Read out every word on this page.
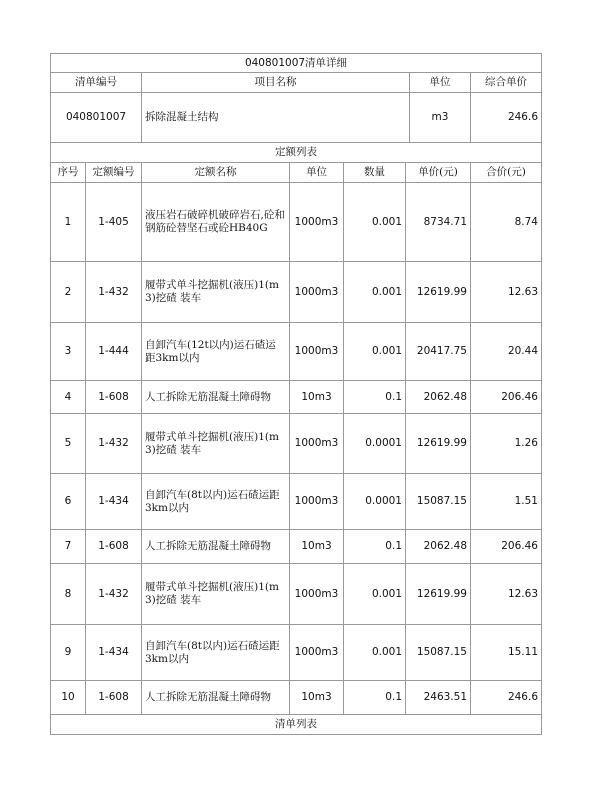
040801007清单详细			
清单编号	项目名称	单位	综合单价
040801007	拆除混凝土结构	m3	246.6
定额列表			
序号	定额编号	定额名称	单位	数量	单价(元)	合价(元)
1	1-405	液压岩石破碎机破碎岩石,砼和钢筋砼替坚石或砼HB40G	1000m3	0.001	8734.71	8.74
2	1-432	履带式单斗挖掘机(液压)1(m3)挖碴 装车	1000m3	0.001	12619.99	12.63
3	1-444	自卸汽车(12t以内)运石碴运距3km以内	1000m3	0.001	20417.75	20.44
4	1-608	人工拆除无筋混凝土障碍物	10m3	0.1	2062.48	206.46
5	1-432	履带式单斗挖掘机(液压)1(m3)挖碴 装车	1000m3	0.0001	12619.99	1.26
6	1-434	自卸汽车(8t以内)运石碴运距3km以内	1000m3	0.0001	15087.15	1.51
7	1-608	人工拆除无筋混凝土障碍物	10m3	0.1	2062.48	206.46
8	1-432	履带式单斗挖掘机(液压)1(m3)挖碴 装车	1000m3	0.001	12619.99	12.63
9	1-434	自卸汽车(8t以内)运石碴运距3km以内	1000m3	0.001	15087.15	15.11
10	1-608	人工拆除无筋混凝土障碍物	10m3	0.1	2463.51	246.6
清单列表						
